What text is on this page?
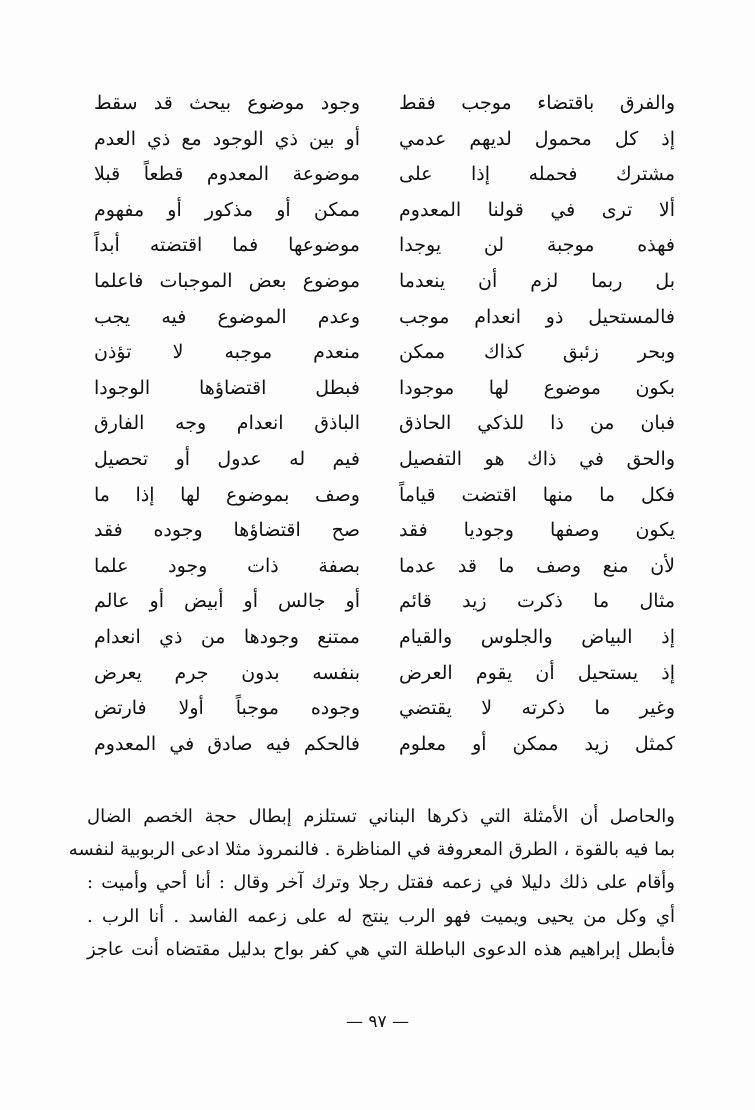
والفرق باقتضاء موجب فقط
وجود موضوع بيحث قد سقط
إذ كل محمول لديهم عدمي
أو بين ذي الوجود مع ذي العدم
مشترك فحمله إذا على
موضوعة المعدوم قطعاً قبلا
ألا ترى في قولنا المعدوم
ممكن أو مذكور أو مفهوم
فهذه موجبة لن يوجدا
موضوعها فما اقتضته أبداً
بل ربما لزم أن ينعدما
موضوع بعض الموجبات فاعلما
فالمستحيل ذو انعدام موجب
وعدم الموضوع فيه يجب
وبحر زئبق كذاك ممكن
منعدم موجبه لا تؤذن
بكون موضوع لها موجودا
فبطل اقتضاؤها الوجودا
فبان من ذا للذكي الحاذق
الباذق انعدام وجه الفارق
والحق في ذاك هو التفصيل
فيم له عدول أو تحصيل
فكل ما منها اقتضت قياماً
وصف بموضوع لها إذا ما
يكون وصفها وجوديا فقد
صح اقتضاؤها وجوده فقد
لأن منع وصف ما قد عدما
بصفة ذات وجود علما
مثال ما ذكرت زيد قائم
أو جالس أو أبيض أو عالم
إذ البياض والجلوس والقيام
ممتنع وجودها من ذي انعدام
إذ يستحيل أن يقوم العرض
بنفسه بدون جرم يعرض
وغير ما ذكرته لا يقتضي
وجوده موجباً أولا فارتض
كمثل زيد ممكن أو معلوم
فالحكم فيه صادق في المعدوم
والحاصل أن الأمثلة التي ذكرها البناني تستلزم إبطال حجة الخصم الضال
بما فيه بالقوة ، الطرق المعروفة في المناظرة . فالنمروذ مثلا ادعى الربوبية لنفسه
وأقام على ذلك دليلا في زعمه فقتل رجلا وترك آخر وقال : أنا أحي وأميت :
أي وكل من يحيى ويميت فهو الرب ينتج له على زعمه الفاسد . أنا الرب .
فأبطل إبراهيم هذه الدعوى الباطلة التي هي كفر بواح بدليل مقتضاه أنت عاجز
— ٩٧ —
